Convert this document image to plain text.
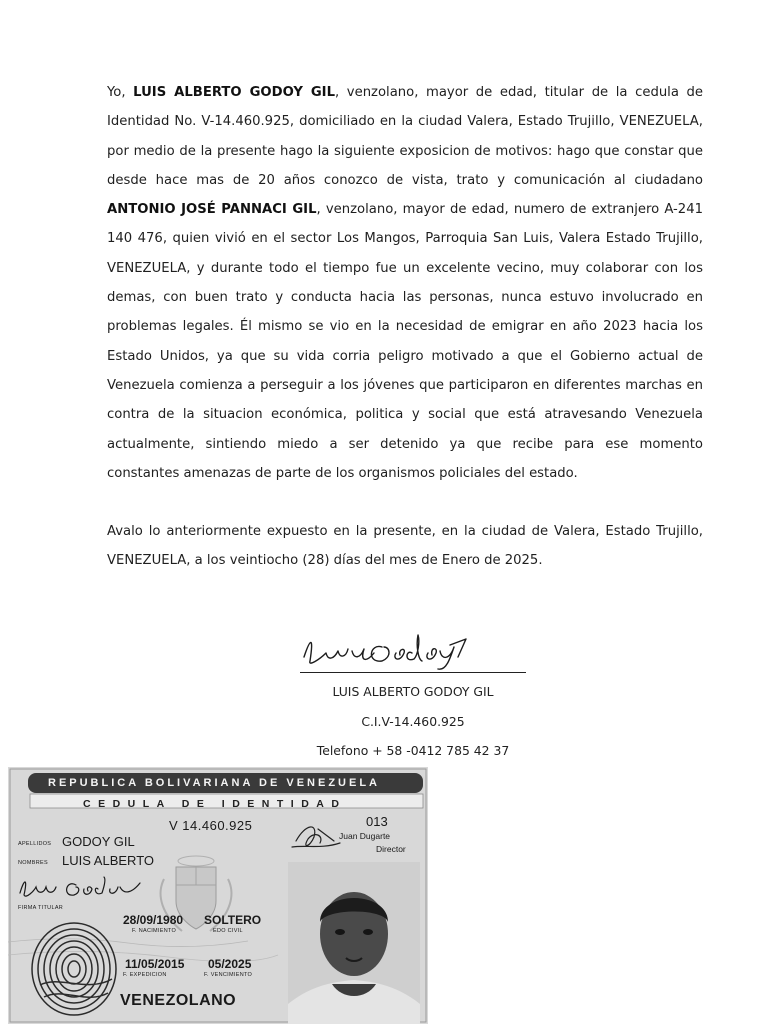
Yo, LUIS ALBERTO GODOY GIL, venzolano, mayor de edad, titular de la cedula de Identidad No. V-14.460.925, domiciliado en la ciudad Valera, Estado Trujillo, VENEZUELA, por medio de la presente hago la siguiente exposicion de motivos: hago que constar que desde hace mas de 20 años conozco de vista, trato y comunicación al ciudadano ANTONIO JOSÉ PANNACI GIL, venzolano, mayor de edad, numero de extranjero A-241 140 476, quien vivió en el sector Los Mangos, Parroquia San Luis, Valera Estado Trujillo, VENEZUELA, y durante todo el tiempo fue un excelente vecino, muy colaborar con los demas, con buen trato y conducta hacia las personas, nunca estuvo involucrado en problemas legales. Él mismo se vio en la necesidad de emigrar en año 2023 hacia los Estado Unidos, ya que su vida corria peligro motivado a que el Gobierno actual de Venezuela comienza a perseguir a los jóvenes que participaron en diferentes marchas en contra de la situacion económica, politica y social que está atravesando Venezuela actualmente, sintiendo miedo a ser detenido ya que recibe para ese momento constantes amenazas de parte de los organismos policiales del estado.

Avalo lo anteriormente expuesto en la presente, en la ciudad de Valera, Estado Trujillo, VENEZUELA, a los veintiocho (28) días del mes de Enero de 2025.

LUIS ALBERTO GODOY GIL
C.I.V-14.460.925
Telefono + 58 -0412 785 42 37
REPUBLICA BOLIVARIANA DE VENEZUELA
CEDULA DE IDENTIDAD
V 14.460.925	013
Juan Dugarte
Director
APELLIDOS GODOY GIL
NOMBRES LUIS ALBERTO
FIRMA TITULAR
28/09/1980 SOLTERO
F. NACIMIENTO	EDO CIVIL
11/05/2015 05/2025
F. EXPEDICION	F. VENCIMIENTO
VENEZOLANO
